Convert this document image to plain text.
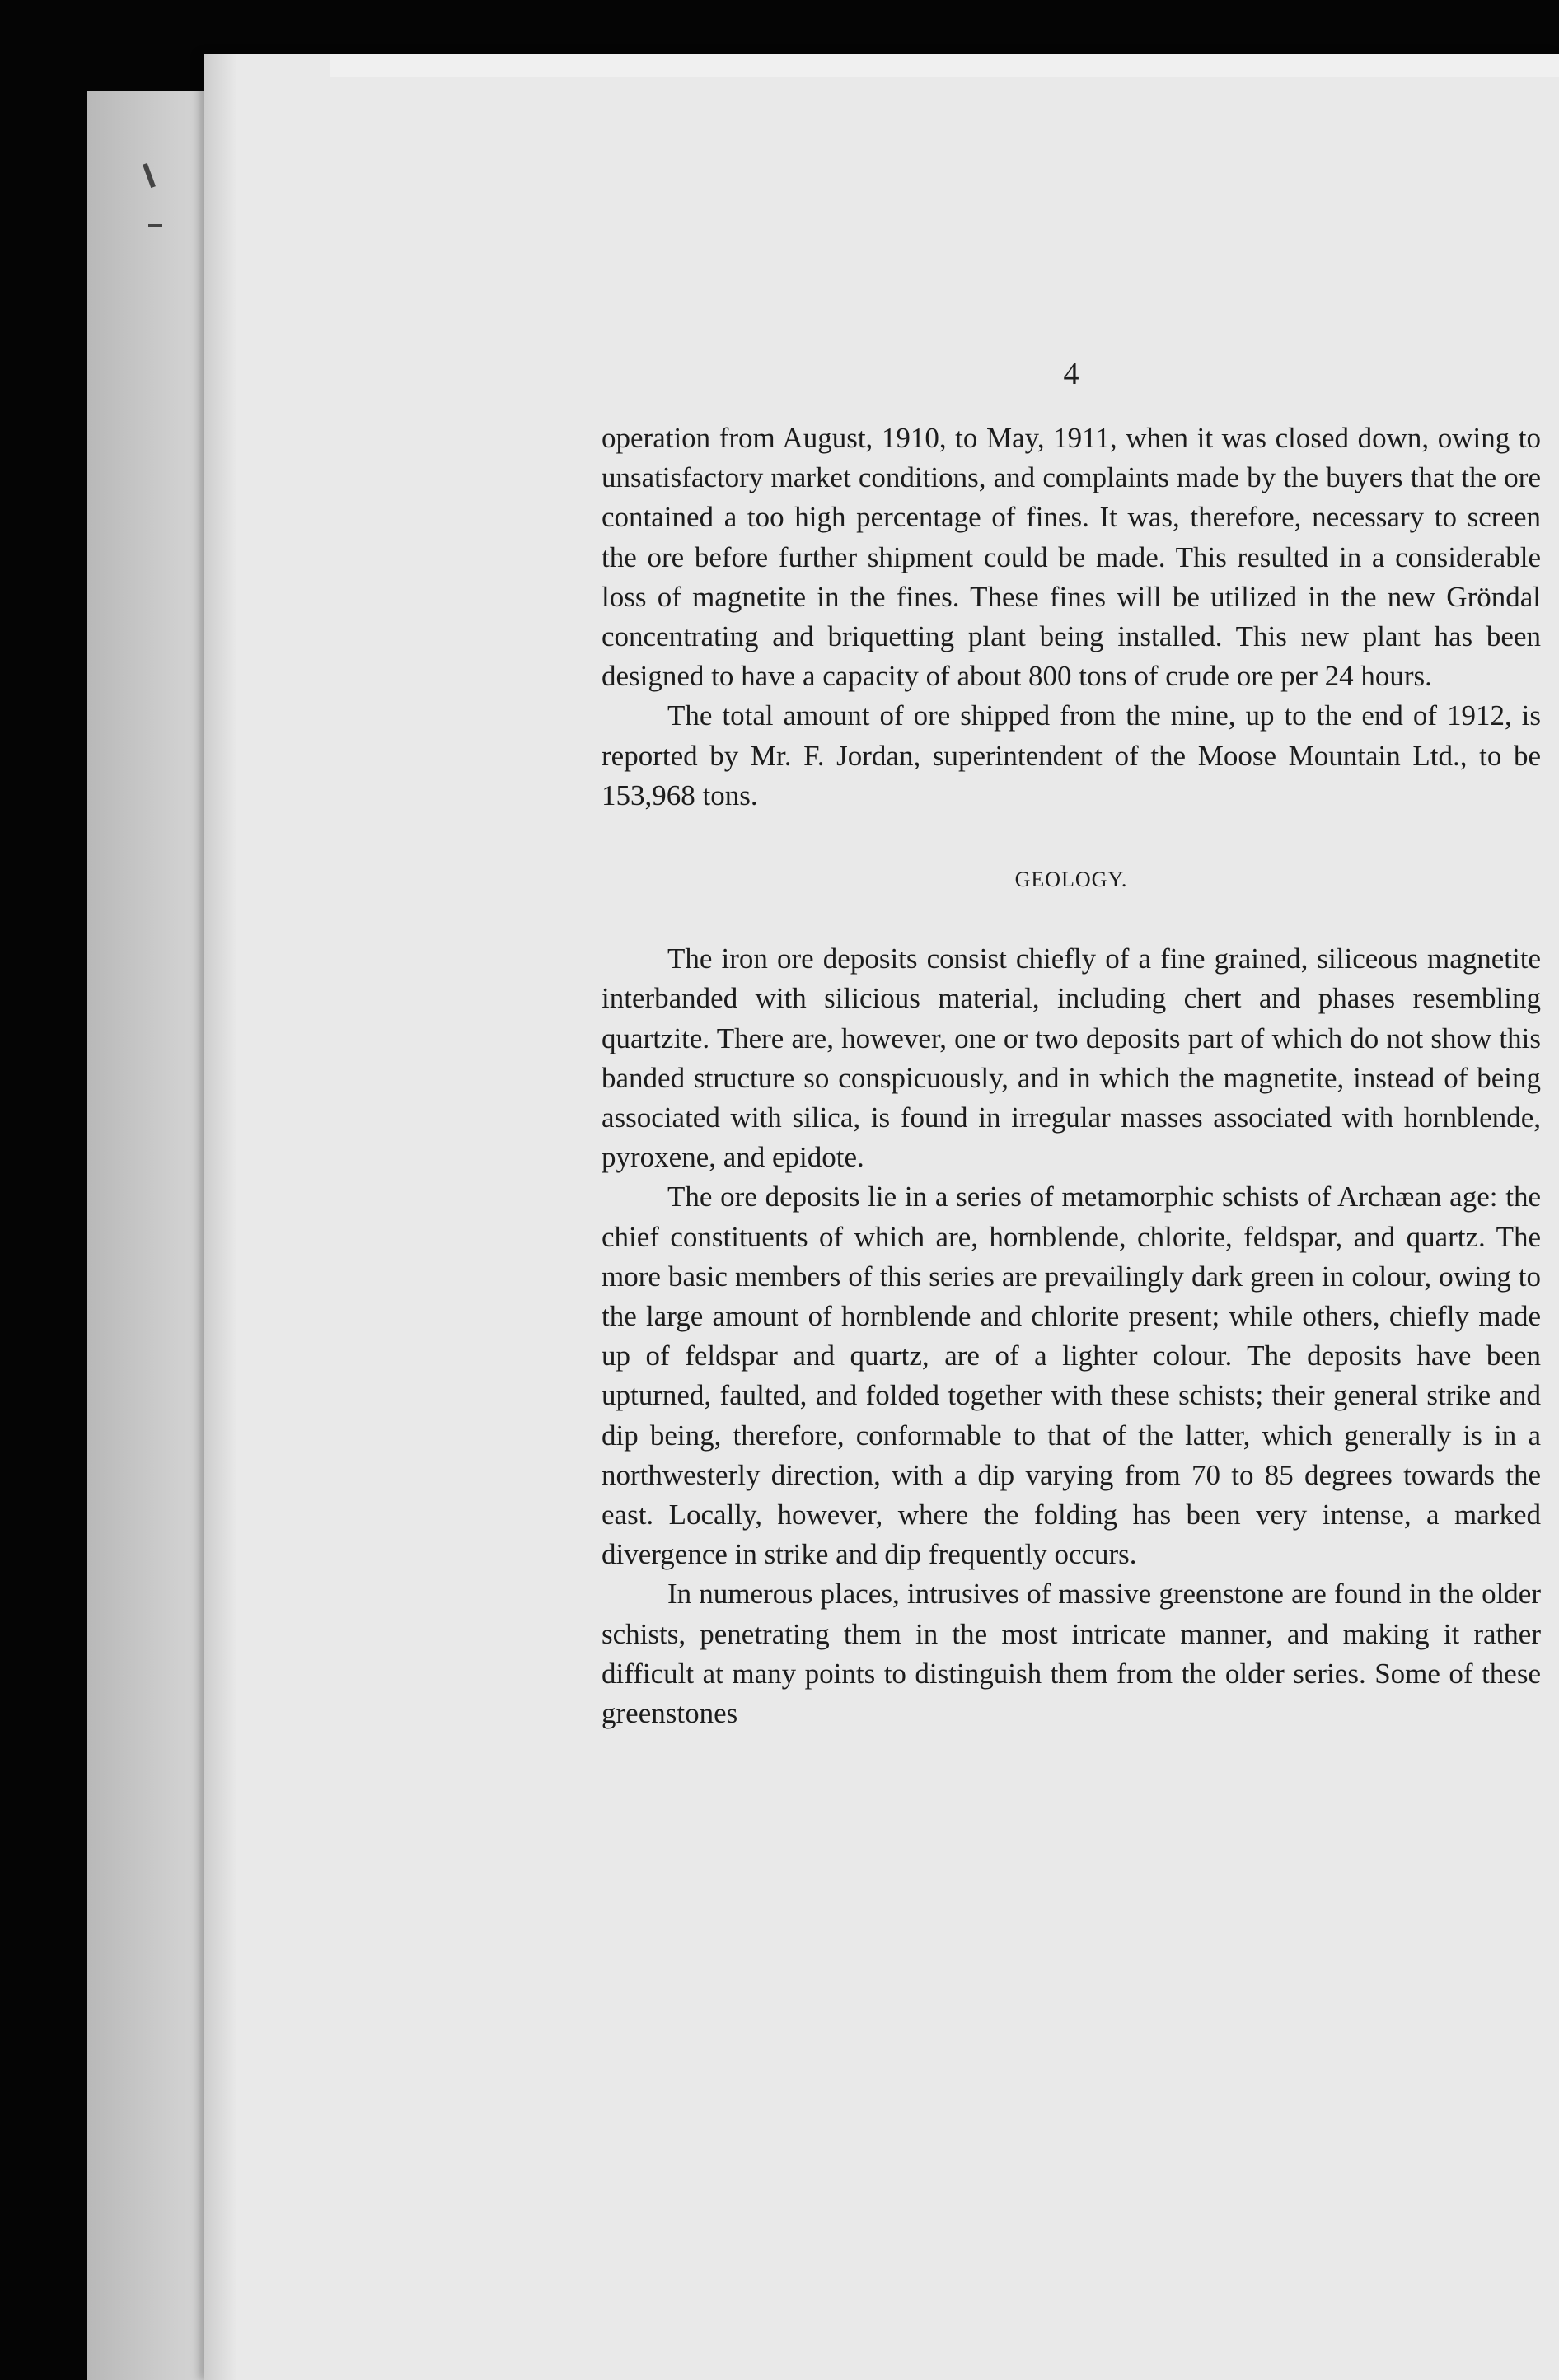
4

operation from August, 1910, to May, 1911, when it was closed down, owing to unsatisfactory market conditions, and complaints made by the buyers that the ore contained a too high percentage of fines. It was, therefore, necessary to screen the ore before further shipment could be made. This resulted in a considerable loss of magnetite in the fines. These fines will be utilized in the new Gröndal concentrating and briquetting plant being installed. This new plant has been designed to have a capacity of about 800 tons of crude ore per 24 hours.

The total amount of ore shipped from the mine, up to the end of 1912, is reported by Mr. F. Jordan, superintendent of the Moose Mountain Ltd., to be 153,968 tons.

GEOLOGY.

The iron ore deposits consist chiefly of a fine grained, siliceous magnetite interbanded with silicious material, including chert and phases resembling quartzite. There are, however, one or two deposits part of which do not show this banded structure so conspicuously, and in which the magnetite, instead of being associated with silica, is found in irregular masses associated with hornblende, pyroxene, and epidote.

The ore deposits lie in a series of metamorphic schists of Archæan age: the chief constituents of which are, hornblende, chlorite, feldspar, and quartz. The more basic members of this series are prevailingly dark green in colour, owing to the large amount of hornblende and chlorite present; while others, chiefly made up of feldspar and quartz, are of a lighter colour. The deposits have been upturned, faulted, and folded together with these schists; their general strike and dip being, therefore, conformable to that of the latter, which generally is in a northwesterly direction, with a dip varying from 70 to 85 degrees towards the east. Locally, however, where the folding has been very intense, a marked divergence in strike and dip frequently occurs.

In numerous places, intrusives of massive greenstone are found in the older schists, penetrating them in the most intricate manner, and making it rather difficult at many points to distinguish them from the older series. Some of these greenstones
